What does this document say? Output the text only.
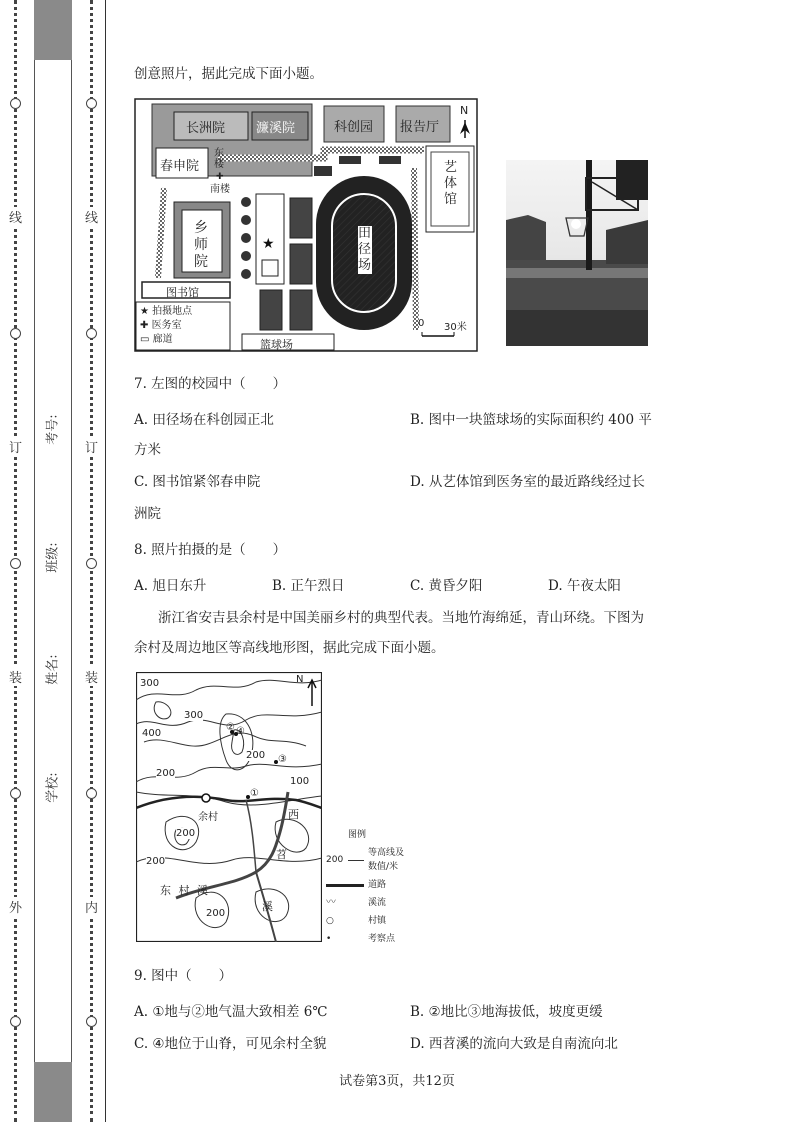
线
订
装
外
线
订
装
内
考号:
班级:
姓名:
学校:
创意照片，据此完成下面小题。
★
长洲院 濂溪院	科创园 报告厅
春申院
东楼
✚
南楼
艺体馆
乡师院
田径场
图书馆
篮球场
N
0 30米
★ 拍摄地点
✚ 医务室
▭ 廊道
7. 左图的校园中（　　）
A. 田径场在科创园正北	B. 图中一块篮球场的实际面积约 400 平
方米
C. 图书馆紧邻春申院	D. 从艺体馆到医务室的最近路线经过长
洲院
8. 照片拍摄的是（　　）
A. 旭日东升	B. 正午烈日	C. 黄昏夕阳	D. 午夜太阳
浙江省安吉县余村是中国美丽乡村的典型代表。当地竹海绵延，青山环绕。下图为
余村及周边地区等高线地形图，据此完成下面小题。
300
300
400
200
200
200
200
200
100
①
②
③
④
余村	西
苕
溪
东 村 溪
N
图例
200
等高线及数值/米
道路
〰	溪流
○	村镇
•	考察点
9. 图中（　　）
A. ①地与②地气温大致相差 6℃	B. ②地比③地海拔低，坡度更缓
C. ④地位于山脊，可见余村全貌	D. 西苕溪的流向大致是自南流向北
试卷第3页，共12页
